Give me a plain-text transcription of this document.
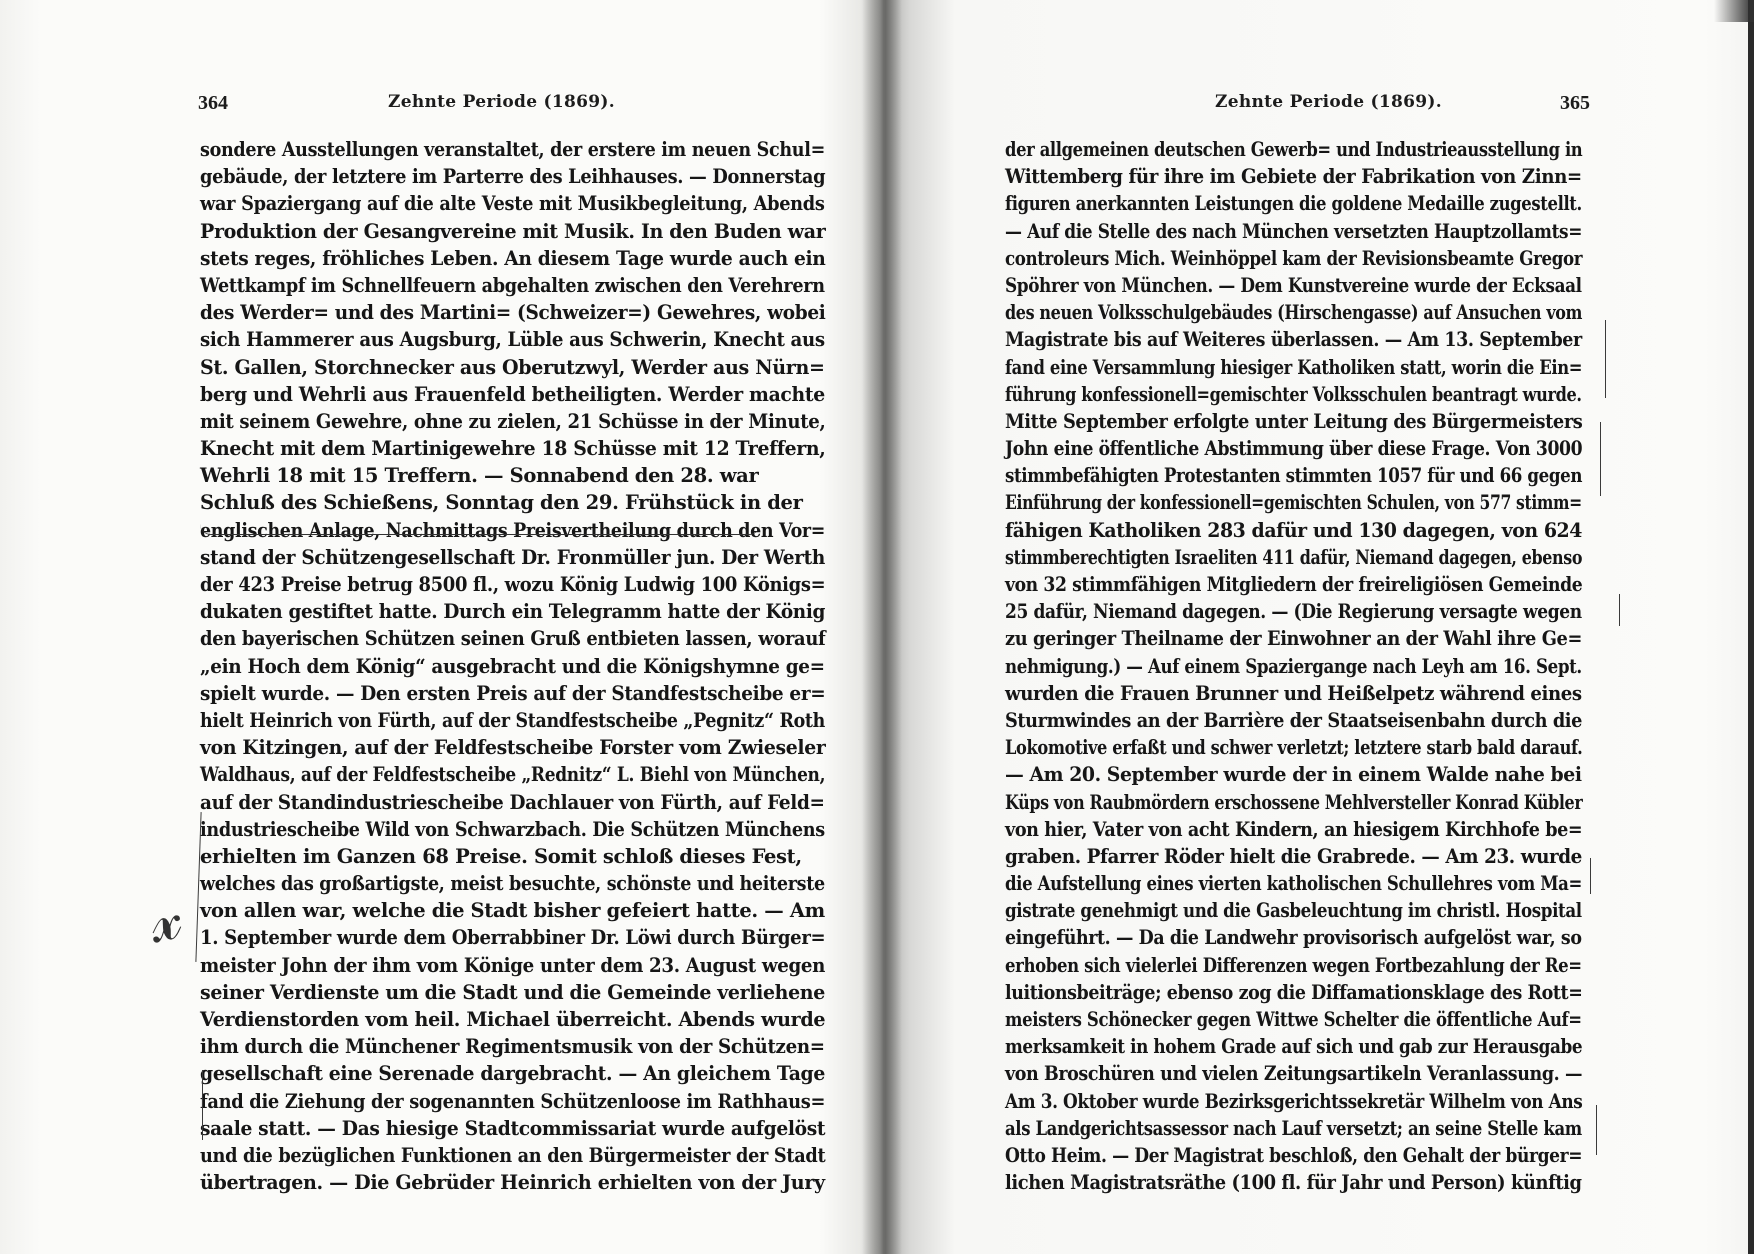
364	Zehnte Periode (1869).	Zehnte Periode (1869).	365
sondere Ausstellungen veranstaltet, der erstere im neuen Schul=
gebäude, der letztere im Parterre des Leihhauses. — Donnerstag
war Spaziergang auf die alte Veste mit Musikbegleitung, Abends
Produktion der Gesangvereine mit Musik. In den Buden war
stets reges, fröhliches Leben. An diesem Tage wurde auch ein
Wettkampf im Schnellfeuern abgehalten zwischen den Verehrern
des Werder= und des Martini= (Schweizer=) Gewehres, wobei
sich Hammerer aus Augsburg, Lüble aus Schwerin, Knecht aus
St. Gallen, Storchnecker aus Oberutzwyl, Werder aus Nürn=
berg und Wehrli aus Frauenfeld betheiligten. Werder machte
mit seinem Gewehre, ohne zu zielen, 21 Schüsse in der Minute,
Knecht mit dem Martinigewehre 18 Schüsse mit 12 Treffern,
Wehrli 18 mit 15 Treffern. — Sonnabend den 28. war
Schluß des Schießens, Sonntag den 29. Frühstück in der
englischen Anlage, Nachmittags Preisvertheilung durch den Vor=
stand der Schützengesellschaft Dr. Fronmüller jun. Der Werth
der 423 Preise betrug 8500 fl., wozu König Ludwig 100 Königs=
dukaten gestiftet hatte. Durch ein Telegramm hatte der König
den bayerischen Schützen seinen Gruß entbieten lassen, worauf
„ein Hoch dem König“ ausgebracht und die Königshymne ge=
spielt wurde. — Den ersten Preis auf der Standfestscheibe er=
hielt Heinrich von Fürth, auf der Standfestscheibe „Pegnitz“ Roth
von Kitzingen, auf der Feldfestscheibe Forster vom Zwieseler
Waldhaus, auf der Feldfestscheibe „Rednitz“ L. Biehl von München,
auf der Standindustriescheibe Dachlauer von Fürth, auf Feld=
industriescheibe Wild von Schwarzbach. Die Schützen Münchens
erhielten im Ganzen 68 Preise. Somit schloß dieses Fest,
welches das großartigste, meist besuchte, schönste und heiterste
von allen war, welche die Stadt bisher gefeiert hatte. — Am
1. September wurde dem Oberrabbiner Dr. Löwi durch Bürger=
meister John der ihm vom Könige unter dem 23. August wegen
seiner Verdienste um die Stadt und die Gemeinde verliehene
Verdienstorden vom heil. Michael überreicht. Abends wurde
ihm durch die Münchener Regimentsmusik von der Schützen=
gesellschaft eine Serenade dargebracht. — An gleichem Tage
fand die Ziehung der sogenannten Schützenloose im Rathhaus=
saale statt. — Das hiesige Stadtcommissariat wurde aufgelöst
und die bezüglichen Funktionen an den Bürgermeister der Stadt
übertragen. — Die Gebrüder Heinrich erhielten von der Jury
der allgemeinen deutschen Gewerb= und Industrieausstellung in
Wittemberg für ihre im Gebiete der Fabrikation von Zinn=
figuren anerkannten Leistungen die goldene Medaille zugestellt.
— Auf die Stelle des nach München versetzten Hauptzollamts=
controleurs Mich. Weinhöppel kam der Revisionsbeamte Gregor
Spöhrer von München. — Dem Kunstvereine wurde der Ecksaal
des neuen Volksschulgebäudes (Hirschengasse) auf Ansuchen vom
Magistrate bis auf Weiteres überlassen. — Am 13. September
fand eine Versammlung hiesiger Katholiken statt, worin die Ein=
führung konfessionell=gemischter Volksschulen beantragt wurde.
Mitte September erfolgte unter Leitung des Bürgermeisters
John eine öffentliche Abstimmung über diese Frage. Von 3000
stimmbefähigten Protestanten stimmten 1057 für und 66 gegen
Einführung der konfessionell=gemischten Schulen, von 577 stimm=
fähigen Katholiken 283 dafür und 130 dagegen, von 624
stimmberechtigten Israeliten 411 dafür, Niemand dagegen, ebenso
von 32 stimmfähigen Mitgliedern der freireligiösen Gemeinde
25 dafür, Niemand dagegen. — (Die Regierung versagte wegen
zu geringer Theilname der Einwohner an der Wahl ihre Ge=
nehmigung.) — Auf einem Spaziergange nach Leyh am 16. Sept.
wurden die Frauen Brunner und Heißelpetz während eines
Sturmwindes an der Barrière der Staatseisenbahn durch die
Lokomotive erfaßt und schwer verletzt; letztere starb bald darauf.
— Am 20. September wurde der in einem Walde nahe bei
Küps von Raubmördern erschossene Mehlversteller Konrad Kübler
von hier, Vater von acht Kindern, an hiesigem Kirchhofe be=
graben. Pfarrer Röder hielt die Grabrede. — Am 23. wurde
die Aufstellung eines vierten katholischen Schullehres vom Ma=
gistrate genehmigt und die Gasbeleuchtung im christl. Hospital
eingeführt. — Da die Landwehr provisorisch aufgelöst war, so
erhoben sich vielerlei Differenzen wegen Fortbezahlung der Re=
luitionsbeiträge; ebenso zog die Diffamationsklage des Rott=
meisters Schönecker gegen Wittwe Schelter die öffentliche Auf=
merksamkeit in hohem Grade auf sich und gab zur Herausgabe
von Broschüren und vielen Zeitungsartikeln Veranlassung. —
Am 3. Oktober wurde Bezirksgerichtssekretär Wilhelm von Ans
als Landgerichtsassessor nach Lauf versetzt; an seine Stelle kam
Otto Heim. — Der Magistrat beschloß, den Gehalt der bürger=
lichen Magistratsräthe (100 fl. für Jahr und Person) künftig
𝓍
